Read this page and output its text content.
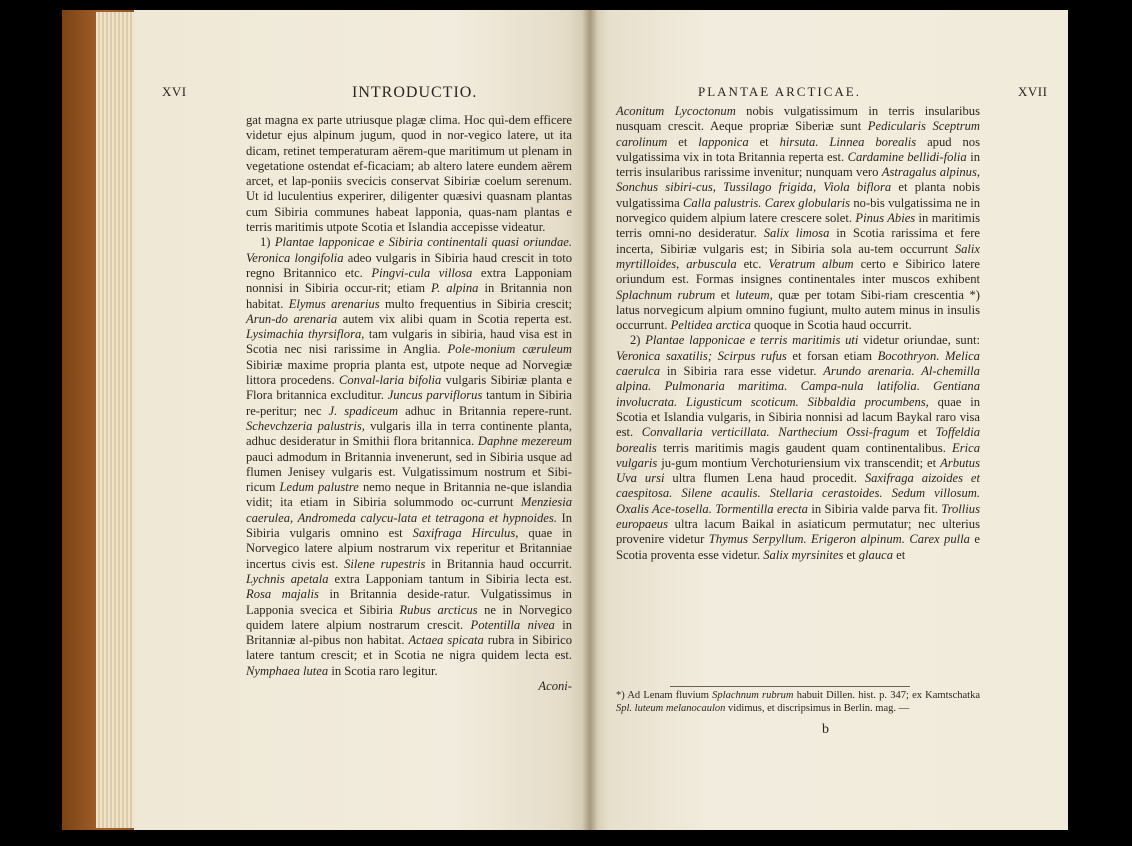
XVI	INTRODUCTIO.

gat magna ex parte utriusque plagæ clima. Hoc quì-dem efficere videtur ejus alpinum jugum, quod in nor-vegico latere, ut ita dicam, retinet temperaturam aërem-que maritimum ut plenam in vegetatione ostendat ef-ficaciam; ab altero latere eundem aërem arcet, et lap-poniis svecicis conservat Sibiriæ coelum serenum. Ut id luculentius experirer, diligenter quæsivi quasnam plantas cum Sibiria communes habeat lapponia, quas-nam plantas e terris maritimis utpote Scotia et Islandia accepisse videatur.

1) Plantae lapponicae e Sibiria continentali quasi oriundae. Veronica longifolia adeo vulgaris in Sibiria haud crescit in toto regno Britannico etc. Pingvi-cula villosa extra Lapponiam nonnisi in Sibiria occur-rit; etiam P. alpina in Britannia non habitat. Elymus arenarius multo frequentius in Sibiria crescit; Arun-do arenaria autem vix alibi quam in Scotia reperta est. Lysimachia thyrsiflora, tam vulgaris in sibiria, haud visa est in Scotia nec nisi rarissime in Anglia. Pole-monium cæruleum Sibiriæ maxime propria planta est, utpote neque ad Norvegiæ littora procedens. Conval-laria bifolia vulgaris Sibiriæ planta e Flora britannica excluditur. Juncus parviflorus tantum in Sibiria re-peritur; nec J. spadiceum adhuc in Britannia repere-runt. Schevchzeria palustris, vulgaris illa in terra continente planta, adhuc desideratur in Smithii flora britannica. Daphne mezereum pauci admodum in Britannia invenerunt, sed in Sibiria usque ad flumen Jenisey vulgaris est. Vulgatissimum nostrum et Sibi-ricum Ledum palustre nemo neque in Britannia ne-que islandia vidit; ita etiam in Sibiria solummodo oc-currunt Menziesia caerulea, Andromeda calycu-lata et tetragona et hypnoides. In Sibiria vulgaris omnino est Saxifraga Hirculus, quae in Norvegico latere alpium nostrarum vix reperitur et Britanniae incertus civis est. Silene rupestris in Britannia haud occurrit. Lychnis apetala extra Lapponiam tantum in Sibiria lecta est. Rosa majalis in Britannia deside-ratur. Vulgatissimus in Lapponia svecica et Sibiria Rubus arcticus ne in Norvegico quidem latere alpium nostrarum crescit. Potentilla nivea in Britanniæ al-pibus non habitat. Actaea spicata rubra in Sibirico latere tantum crescit; et in Scotia ne nigra quidem lecta est. Nymphaea lutea in Scotia raro legitur.

Aconi-

PLANTAE ARCTICAE.	XVII

Aconitum Lycoctonum nobis vulgatissimum in terris insularibus nusquam crescit. Aeque propriæ Siberiæ sunt Pedicularis Sceptrum carolinum et lapponica et hirsuta. Linnea borealis apud nos vulgatissima vix in tota Britannia reperta est. Cardamine bellidi-folia in terris insularibus rarissime invenitur; nunquam vero Astragalus alpinus, Sonchus sibiri-cus, Tussilago frigida, Viola biflora et planta nobis vulgatissima Calla palustris. Carex globularis no-bis vulgatissima ne in norvegico quidem alpium latere crescere solet. Pinus Abies in maritimis terris omni-no desideratur. Salix limosa in Scotia rarissima et fere incerta, Sibiriæ vulgaris est; in Sibiria sola au-tem occurrunt Salix myrtilloides, arbuscula etc. Veratrum album certo e Sibirico latere oriundum est. Formas insignes continentales inter muscos exhibent Splachnum rubrum et luteum, quæ per totam Sibi-riam crescentia *) latus norvegicum alpium omnino fugiunt, multo autem minus in insulis occurrunt. Peltidea arctica quoque in Scotia haud occurrit.

2) Plantae lapponicae e terris maritimis uti videtur oriundae, sunt: Veronica saxatilis; Scirpus rufus et forsan etiam Bocothryon. Melica caerulca in Sibiria rara esse videtur. Arundo arenaria. Al-chemilla alpina. Pulmonaria maritima. Campa-nula latifolia. Gentiana involucrata. Ligusticum scoticum. Sibbaldia procumbens, quae in Scotia et Islandia vulgaris, in Sibiria nonnisi ad lacum Baykal raro visa est. Convallaria verticillata. Narthecium Ossi-fragum et Toffeldia borealis terris maritimis magis gaudent quam continentalibus. Erica vulgaris ju-gum montium Verchoturiensium vix transcendit; et Arbutus Uva ursi ultra flumen Lena haud procedit. Saxifraga aizoides et caespitosa. Silene acaulis. Stellaria cerastoides. Sedum villosum. Oxalis Ace-tosella. Tormentilla erecta in Sibiria valde parva fit. Trollius europaeus ultra lacum Baikal in asiaticum permutatur; nec ulterius provenire videtur Thymus Serpyllum. Erigeron alpinum. Carex pulla e Scotia proventa esse videtur. Salix myrsinites et glauca et

*) Ad Lenam fluvium Splachnum rubrum habuit Dillen. hist. p. 347; ex Kamtschatka Spl. luteum melanocaulon vidimus, et discripsimus in Berlin. mag. —
b
